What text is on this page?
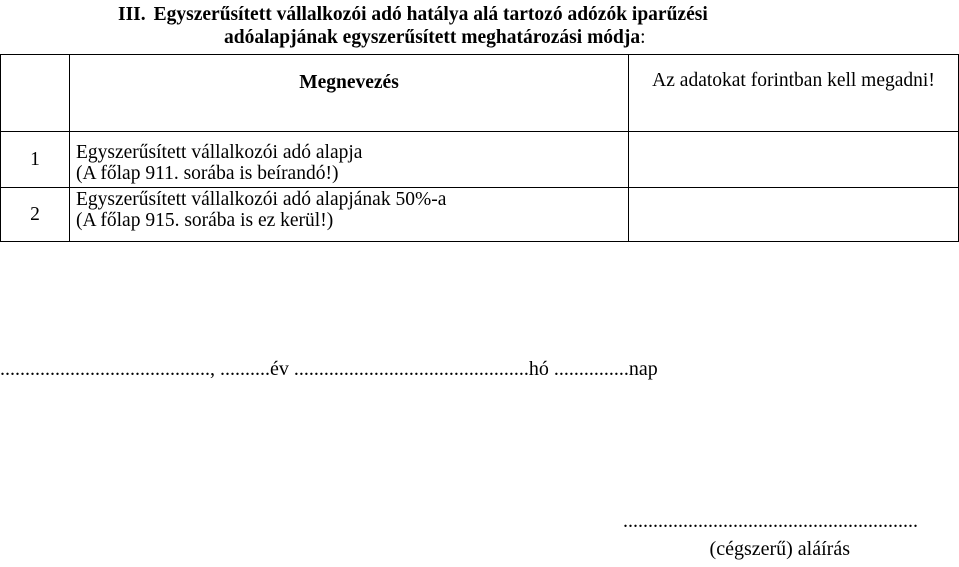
III. Egyszerűsített vállalkozói adó hatálya alá tartozó adózók iparűzési
adóalapjának egyszerűsített meghatározási módja:
	Megnevezés	Az adatokat forintban kell megadni!
1	Egyszerűsített vállalkozói adó alapja
(A főlap 911. sorába is beírandó!)	

2	Egyszerűsített vállalkozói adó alapjának 50%-a
(A főlap 915. sorába is ez kerül!)	

.........................................., ..........év ...............................................hó ...............nap
...........................................................
(cégszerű) aláírás
